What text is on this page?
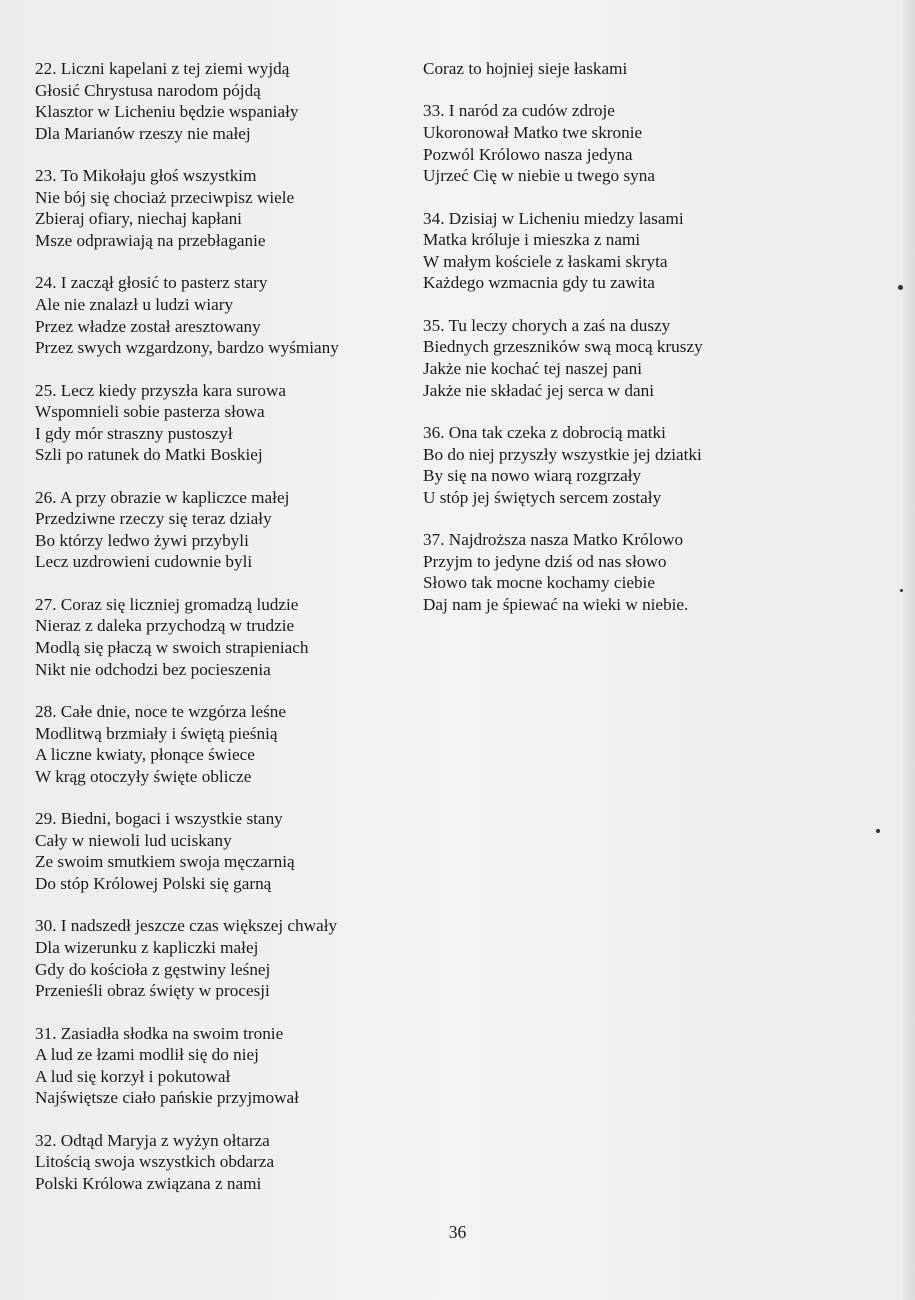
22. Liczni kapelani z tej ziemi wyjdą
Głosić Chrystusa narodom pójdą
Klasztor w Licheniu będzie wspaniały
Dla Marianów rzeszy nie małej
23. To Mikołaju głoś wszystkim
Nie bój się chociaż przeciwpisz wiele
Zbieraj ofiary, niechaj kapłani
Msze odprawiają na przebłaganie
24. I zaczął głosić to pasterz stary
Ale nie znalazł u ludzi wiary
Przez władze został aresztowany
Przez swych wzgardzony, bardzo wyśmiany
25. Lecz kiedy przyszła kara surowa
Wspomnieli sobie pasterza słowa
I gdy mór straszny pustoszył
Szli po ratunek do Matki Boskiej
26. A przy obrazie w kapliczce małej
Przedziwne rzeczy się teraz działy
Bo którzy ledwo żywi przybyli
Lecz uzdrowieni cudownie byli
27. Coraz się liczniej gromadzą ludzie
Nieraz z daleka przychodzą w trudzie
Modlą się płaczą w swoich strapieniach
Nikt nie odchodzi bez pocieszenia
28. Całe dnie, noce te wzgórza leśne
Modlitwą brzmiały i świętą pieśnią
A liczne kwiaty, płonące świece
W krąg otoczyły święte oblicze
29. Biedni, bogaci i wszystkie stany
Cały w niewoli lud uciskany
Ze swoim smutkiem swoja męczarnią
Do stóp Królowej Polski się garną
30. I nadszedł jeszcze czas większej chwały
Dla wizerunku z kapliczki małej
Gdy do kościoła z gęstwiny leśnej
Przenieśli obraz święty w procesji
31. Zasiadła słodka na swoim tronie
A lud ze łzami modlił się do niej
A lud się korzył i pokutował
Najświętsze ciało pańskie przyjmował
32. Odtąd Maryja z wyżyn ołtarza
Litością swoja wszystkich obdarza
Polski Królowa związana z nami
Coraz to hojniej sieje łaskami
33. I naród za cudów zdroje
Ukoronował Matko twe skronie
Pozwól Królowo nasza jedyna
Ujrzeć Cię w niebie u twego syna
34. Dzisiaj w Licheniu miedzy lasami
Matka króluje i mieszka z nami
W małym kościele z łaskami skryta
Każdego wzmacnia gdy tu zawita
35. Tu leczy chorych a zaś na duszy
Biednych grzeszników swą mocą kruszy
Jakże nie kochać tej naszej pani
Jakże nie składać jej serca w dani
36. Ona tak czeka z dobrocią matki
Bo do niej przyszły wszystkie jej dziatki
By się na nowo wiarą rozgrzały
U stóp jej świętych sercem zostały
37. Najdroższa nasza Matko Królowo
Przyjm to jedyne dziś od nas słowo
Słowo tak mocne kochamy ciebie
Daj nam je śpiewać na wieki w niebie.
36
